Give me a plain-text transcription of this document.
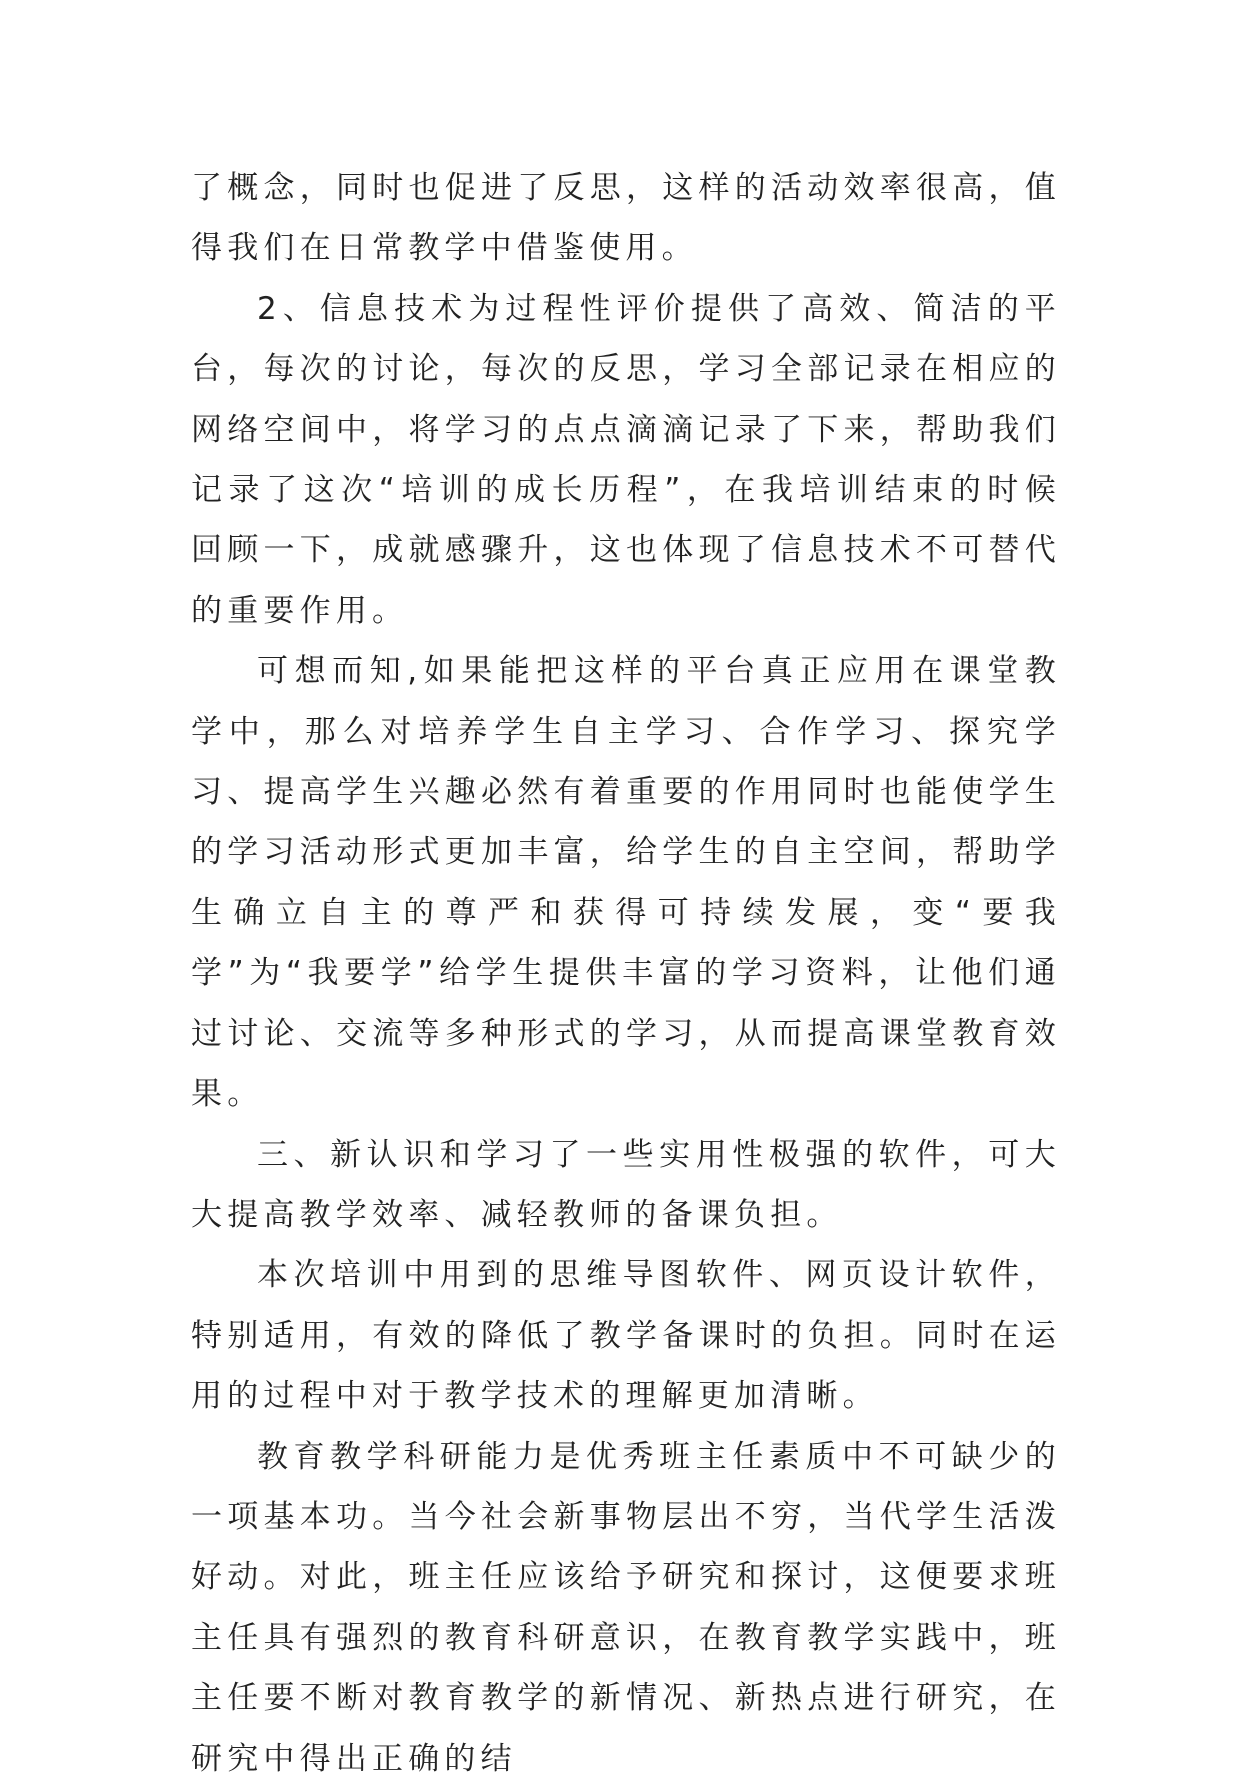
了概念，同时也促进了反思，这样的活动效率很高，值得我们在日常教学中借鉴使用。

2、信息技术为过程性评价提供了高效、简洁的平台，每次的讨论，每次的反思，学习全部记录在相应的网络空间中，将学习的点点滴滴记录了下来，帮助我们记录了这次“培训的成长历程”，在我培训结束的时候回顾一下，成就感骤升，这也体现了信息技术不可替代的重要作用。

可想而知,如果能把这样的平台真正应用在课堂教学中，那么对培养学生自主学习、合作学习、探究学习、提高学生兴趣必然有着重要的作用同时也能使学生的学习活动形式更加丰富，给学生的自主空间，帮助学生确立自主的尊严和获得可持续发展，变“要我学”为“我要学”给学生提供丰富的学习资料，让他们通过讨论、交流等多种形式的学习，从而提高课堂教育效果。

三、新认识和学习了一些实用性极强的软件，可大大提高教学效率、减轻教师的备课负担。

本次培训中用到的思维导图软件、网页设计软件，特别适用，有效的降低了教学备课时的负担。同时在运用的过程中对于教学技术的理解更加清晰。

教育教学科研能力是优秀班主任素质中不可缺少的一项基本功。当今社会新事物层出不穷，当代学生活泼好动。对此，班主任应该给予研究和探讨，这便要求班主任具有强烈的教育科研意识，在教育教学实践中，班主任要不断对教育教学的新情况、新热点进行研究，在研究中得出正确的结
